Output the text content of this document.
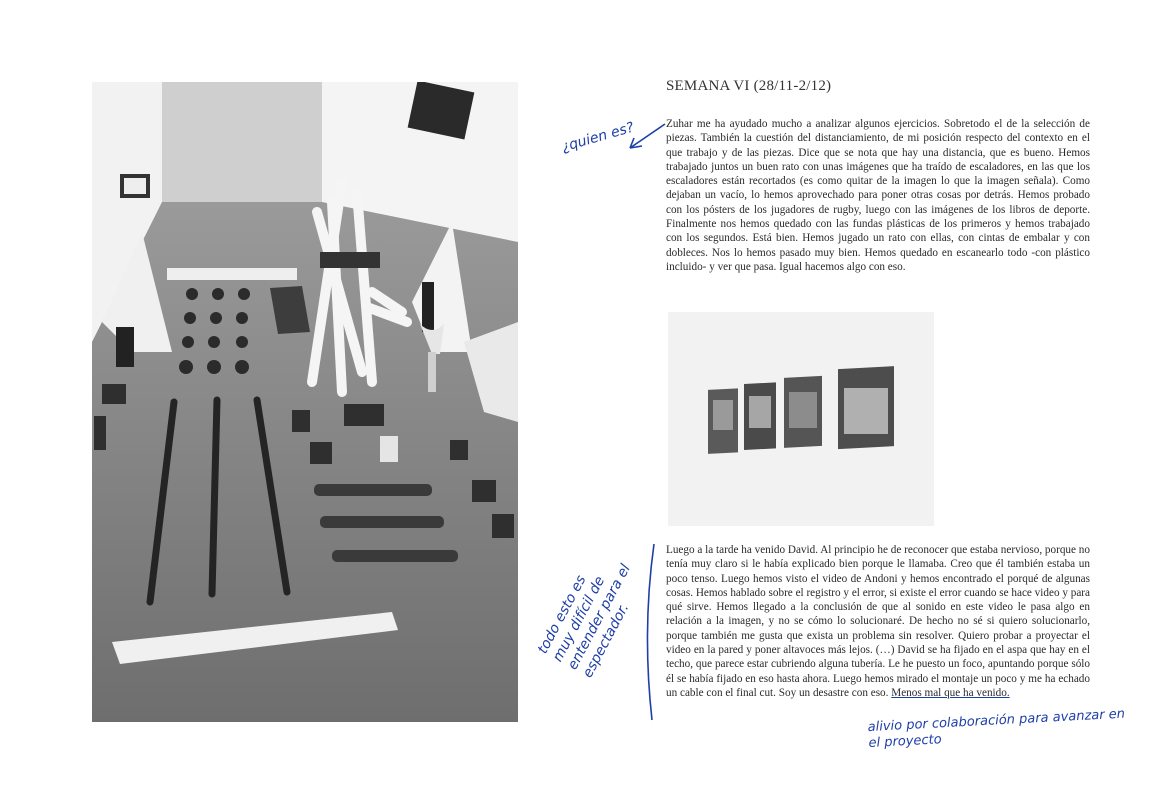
SEMANA VI (28/11-2/12)
Zuhar me ha ayudado mucho a analizar algunos ejercicios. Sobretodo el de la selección de piezas. También la cuestión del distanciamiento, de mi posición respecto del contexto en el que trabajo y de las piezas. Dice que se nota que hay una distancia, que es bueno. Hemos trabajado juntos un buen rato con unas imágenes que ha traído de escaladores, en las que los escaladores están recortados (es como quitar de la imagen lo que la imagen señala). Como dejaban un vacío, lo hemos aprovechado para poner otras cosas por detrás. Hemos probado con los pósters de los jugadores de rugby, luego con las imágenes de los libros de deporte. Finalmente nos hemos quedado con las fundas plásticas de los primeros y hemos trabajado con los segundos. Está bien. Hemos jugado un rato con ellas, con cintas de embalar y con dobleces. Nos lo hemos pasado muy bien. Hemos quedado en escanearlo todo -con plástico incluido- y ver que pasa. Igual hacemos algo con eso.
Luego a la tarde ha venido David. Al principio he de reconocer que estaba nervioso, porque no tenía muy claro si le había explicado bien porque le llamaba. Creo que él también estaba un poco tenso. Luego hemos visto el video de Andoni y hemos encontrado el porqué de algunas cosas. Hemos hablado sobre el registro y el error, si existe el error cuando se hace video y para qué sirve. Hemos llegado a la conclusión de que al sonido en este video le pasa algo en relación a la imagen, y no se cómo lo solucionaré. De hecho no sé si quiero solucionarlo, porque también me gusta que exista un problema sin resolver. Quiero probar a proyectar el video en la pared y poner altavoces más lejos. (…) David se ha fijado en el aspa que hay en el techo, que parece estar cubriendo alguna tubería. Le he puesto un foco, apuntando porque sólo él se había fijado en eso hasta ahora. Luego hemos mirado el montaje un poco y me ha echado un cable con el final cut. Soy un desastre con eso. Menos mal que ha venido.
¿quien es?
todo esto es muy difícil de entender para el espectador.
alivio por colaboración para avanzar en el proyecto
